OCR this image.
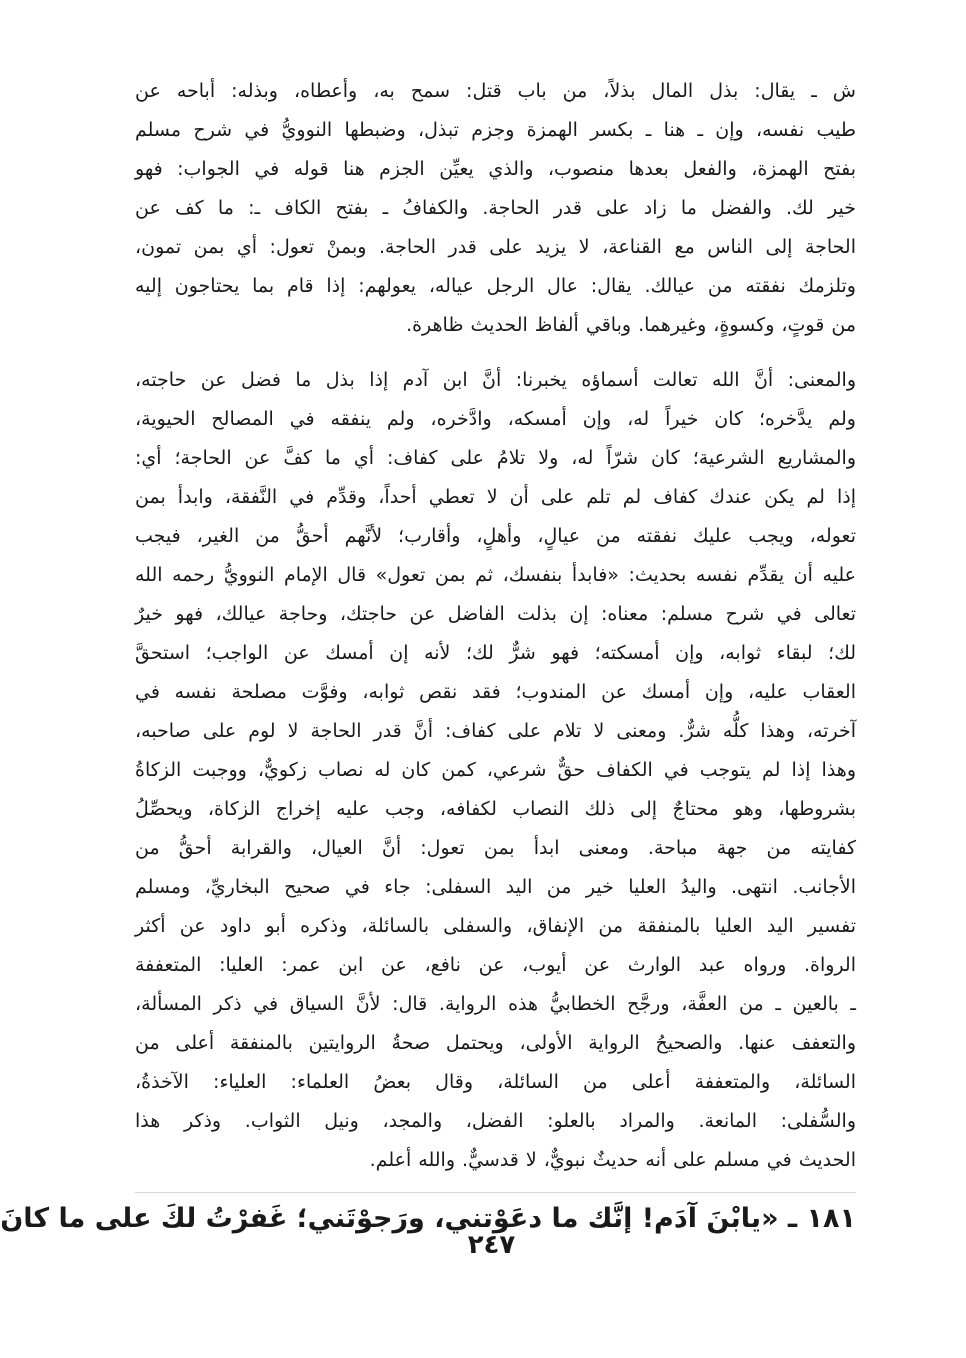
ش ـ يقال: بذل المال بذلاً، من باب قتل: سمح به، وأعطاه، وبذله: أباحه عن
طيب نفسه، وإن ـ هنا ـ بكسر الهمزة وجزم تبذل، وضبطها النوويُّ في شرح مسلم
بفتح الهمزة، والفعل بعدها منصوب، والذي يعيِّن الجزم هنا قوله في الجواب: فهو
خير لك. والفضل ما زاد على قدر الحاجة. والكفافُ ـ بفتح الكاف ـ: ما كف عن
الحاجة إلى الناس مع القناعة، لا يزيد على قدر الحاجة. وبمنْ تعول: أي بمن تمون،
وتلزمك نفقته من عيالك. يقال: عال الرجل عياله، يعولهم: إذا قام بما يحتاجون إليه
من قوتٍ، وكسوةٍ، وغيرهما. وباقي ألفاظ الحديث ظاهرة.

والمعنى: أنَّ الله تعالت أسماؤه يخبرنا: أنَّ ابن آدم إذا بذل ما فضل عن حاجته،
ولم يدَّخره؛ كان خيراً له، وإن أمسكه، وادَّخره، ولم ينفقه في المصالح الحيوية،
والمشاريع الشرعية؛ كان شرّاً له، ولا تلامُ على كفاف: أي ما كفَّ عن الحاجة؛ أي:
إذا لم يكن عندك كفاف لم تلم على أن لا تعطي أحداً، وقدِّم في النَّفقة، وابدأ بمن
تعوله، ويجب عليك نفقته من عيالٍ، وأهلٍ، وأقارب؛ لأنَّهم أحقُّ من الغير، فيجب
عليه أن يقدِّم نفسه بحديث: «فابدأ بنفسك، ثم بمن تعول» قال الإمام النوويُّ رحمه الله
تعالى في شرح مسلم: معناه: إن بذلت الفاضل عن حاجتك، وحاجة عيالك، فهو خيرٌ
لك؛ لبقاء ثوابه، وإن أمسكته؛ فهو شرٌّ لك؛ لأنه إن أمسك عن الواجب؛ استحقَّ
العقاب عليه، وإن أمسك عن المندوب؛ فقد نقص ثوابه، وفوَّت مصلحة نفسه في
آخرته، وهذا كلُّه شرٌّ. ومعنى لا تلام على كفاف: أنَّ قدر الحاجة لا لوم على صاحبه،
وهذا إذا لم يتوجب في الكفاف حقٌّ شرعي، كمن كان له نصاب زكويٌّ، ووجبت الزكاةُ
بشروطها، وهو محتاجٌ إلى ذلك النصاب لكفافه، وجب عليه إخراج الزكاة، ويحصِّلُ
كفايته من جهة مباحة. ومعنى ابدأ بمن تعول: أنَّ العيال، والقرابة أحقُّ من
الأجانب. انتهى. واليدُ العليا خير من اليد السفلى: جاء في صحيح البخاريِّ، ومسلم
تفسير اليد العليا بالمنفقة من الإنفاق، والسفلى بالسائلة، وذكره أبو داود عن أكثر
الرواة. ورواه عبد الوارث عن أيوب، عن نافع، عن ابن عمر: العليا: المتعففة
ـ بالعين ـ من العفَّة، ورجَّح الخطابيُّ هذه الرواية. قال: لأنَّ السياق في ذكر المسألة،
والتعفف عنها. والصحيحُ الرواية الأولى، ويحتمل صحةُ الروايتين بالمنفقة أعلى من
السائلة، والمتعففة أعلى من السائلة، وقال بعضُ العلماء: العلياء: الآخذةُ،
والسُّفلى: المانعة. والمراد بالعلو: الفضل، والمجد، ونيل الثواب. وذكر هذا
الحديث في مسلم على أنه حديثٌ نبويٌّ، لا قدسيٌّ. والله أعلم.

١٨١ ـ «يابْنَ آدَم! إنَّك ما دعَوْتني، ورَجوْتَني؛ غَفرْتُ لكَ على ما كانَ
٢٤٧
